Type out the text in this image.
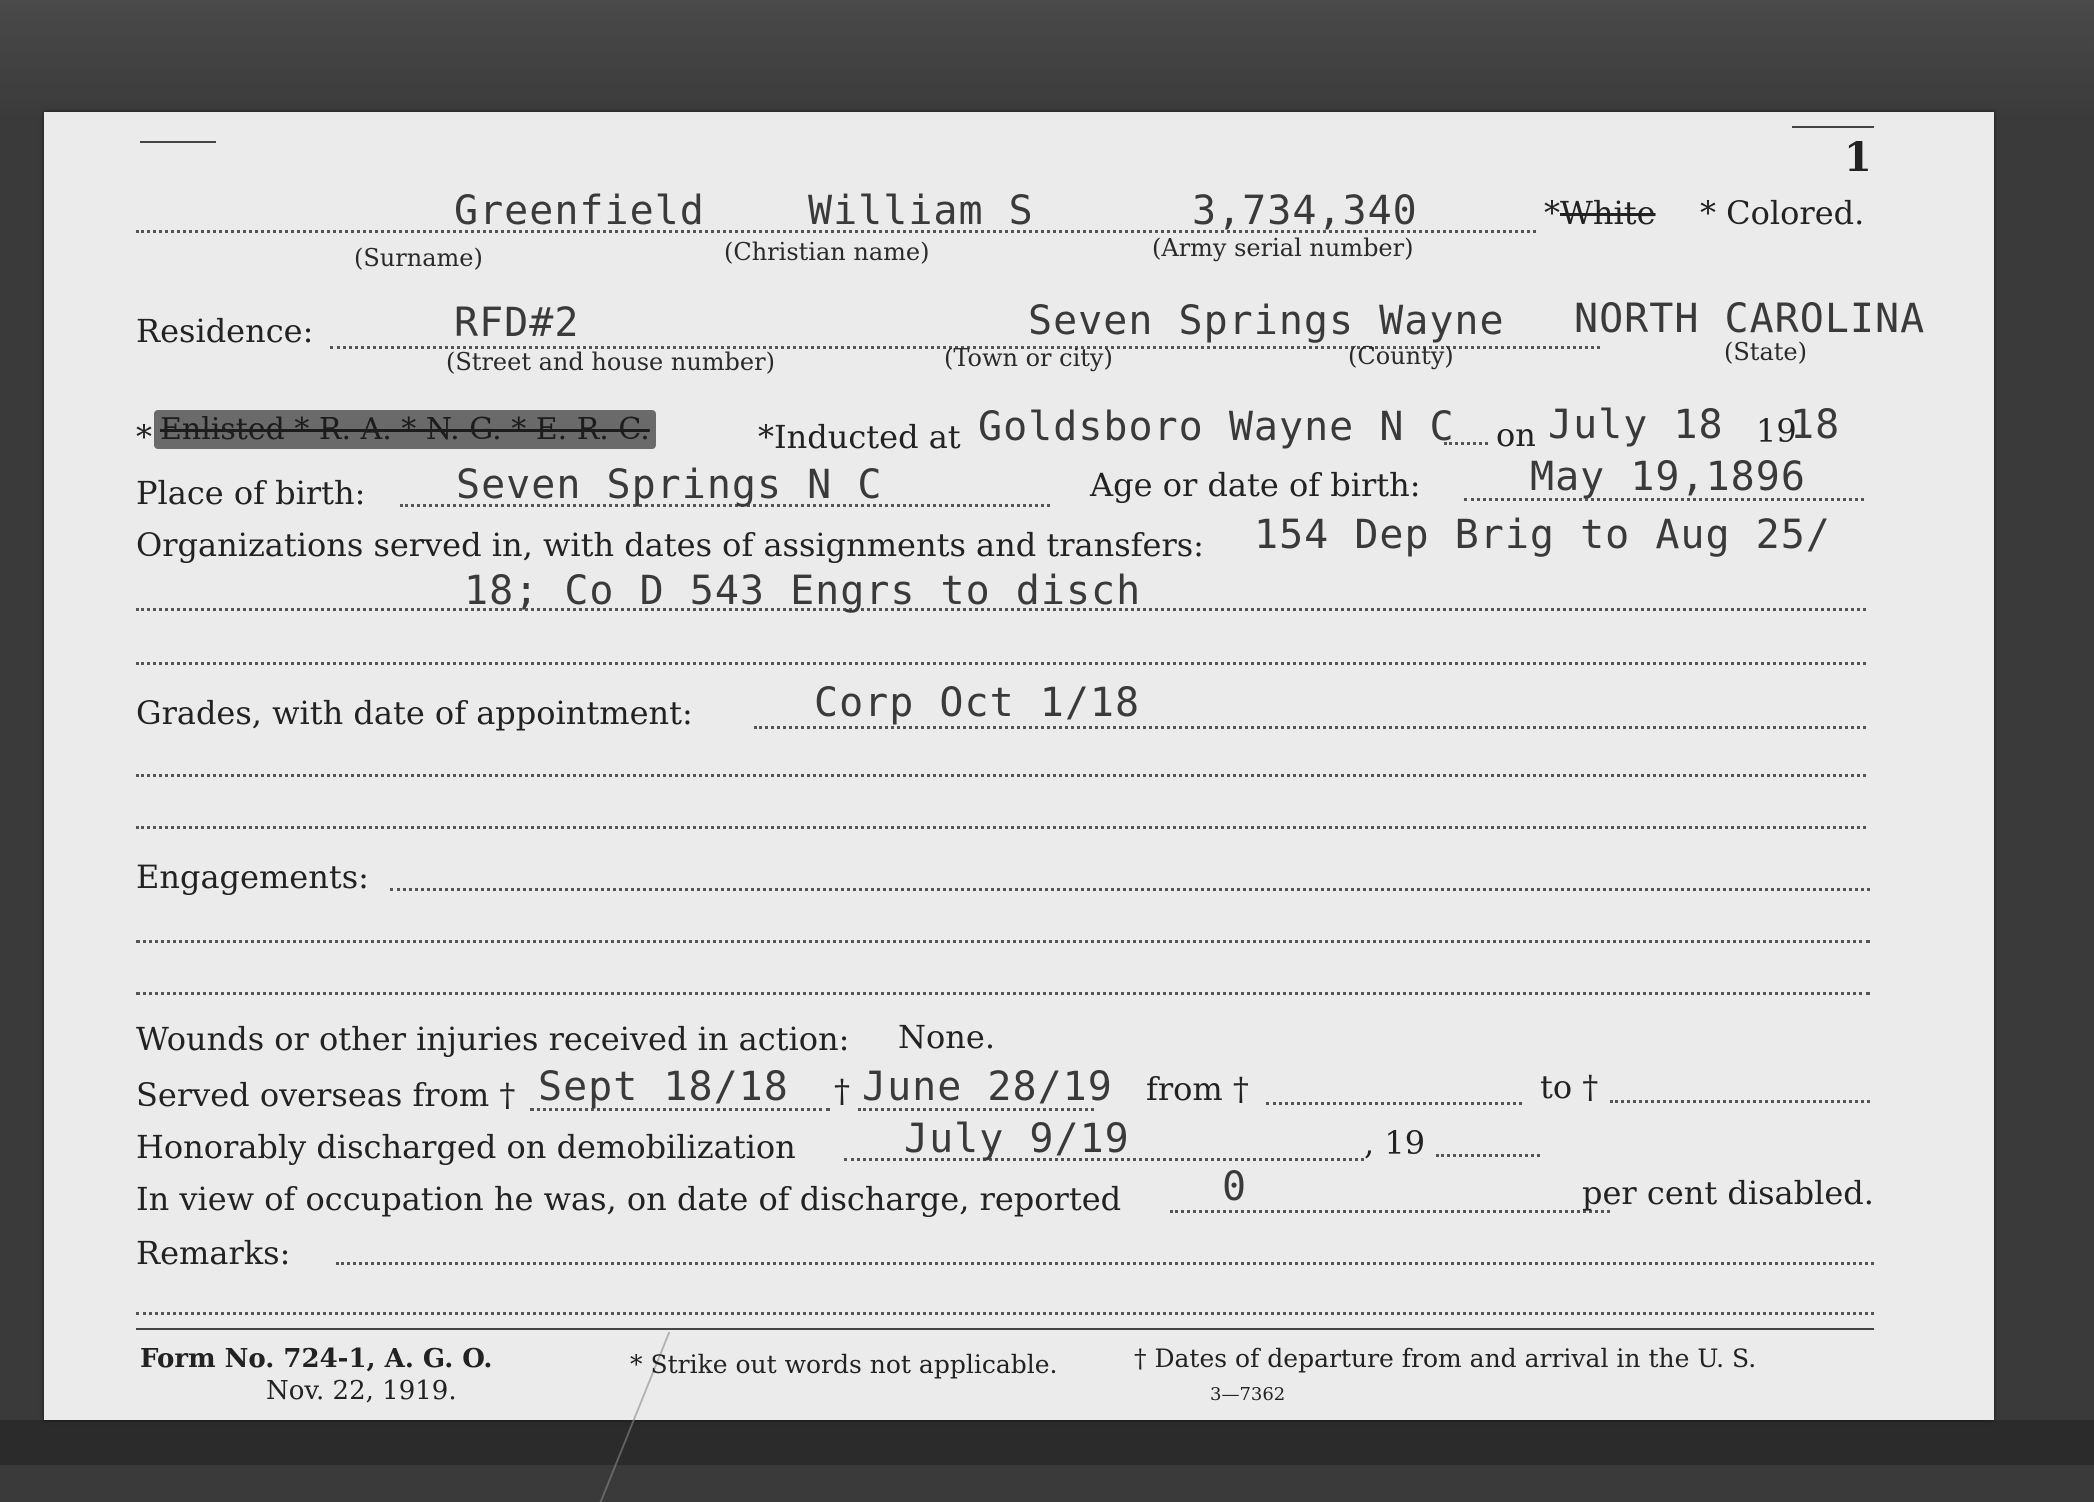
1
Greenfield	William S	3,734,340	*White * Colored.
(Surname)	(Christian name)	(Army serial number)
Residence:	RFD#2	Seven Springs Wayne NORTH CAROLINA
(Street and house number)	(Town or city)	(County)	(State)
* Enlisted * R. A. * N. G. * E. R. C.	*Inducted at Goldsboro Wayne N C on July 18 19
18
Place of birth: Seven Springs N C	Age or date of birth:	May 19,1896
Organizations served in, with dates of assignments and transfers: 154 Dep Brig to Aug 25/
18; Co D 543 Engrs to disch
Grades, with date of appointment:	Corp Oct 1/18
Engagements:
Wounds or other injuries received in action: None.
Served overseas from † Sept 18/18 † June 28/19 from †	to †
Honorably discharged on demobilization	July 9/19	, 19
In view of occupation he was, on date of discharge, reported	0	per cent disabled.
Remarks:
Form No. 724-1, A. G. O.
Nov. 22, 1919.
* Strike out words not applicable.	† Dates of departure from and arrival in the U. S.
3—7362
